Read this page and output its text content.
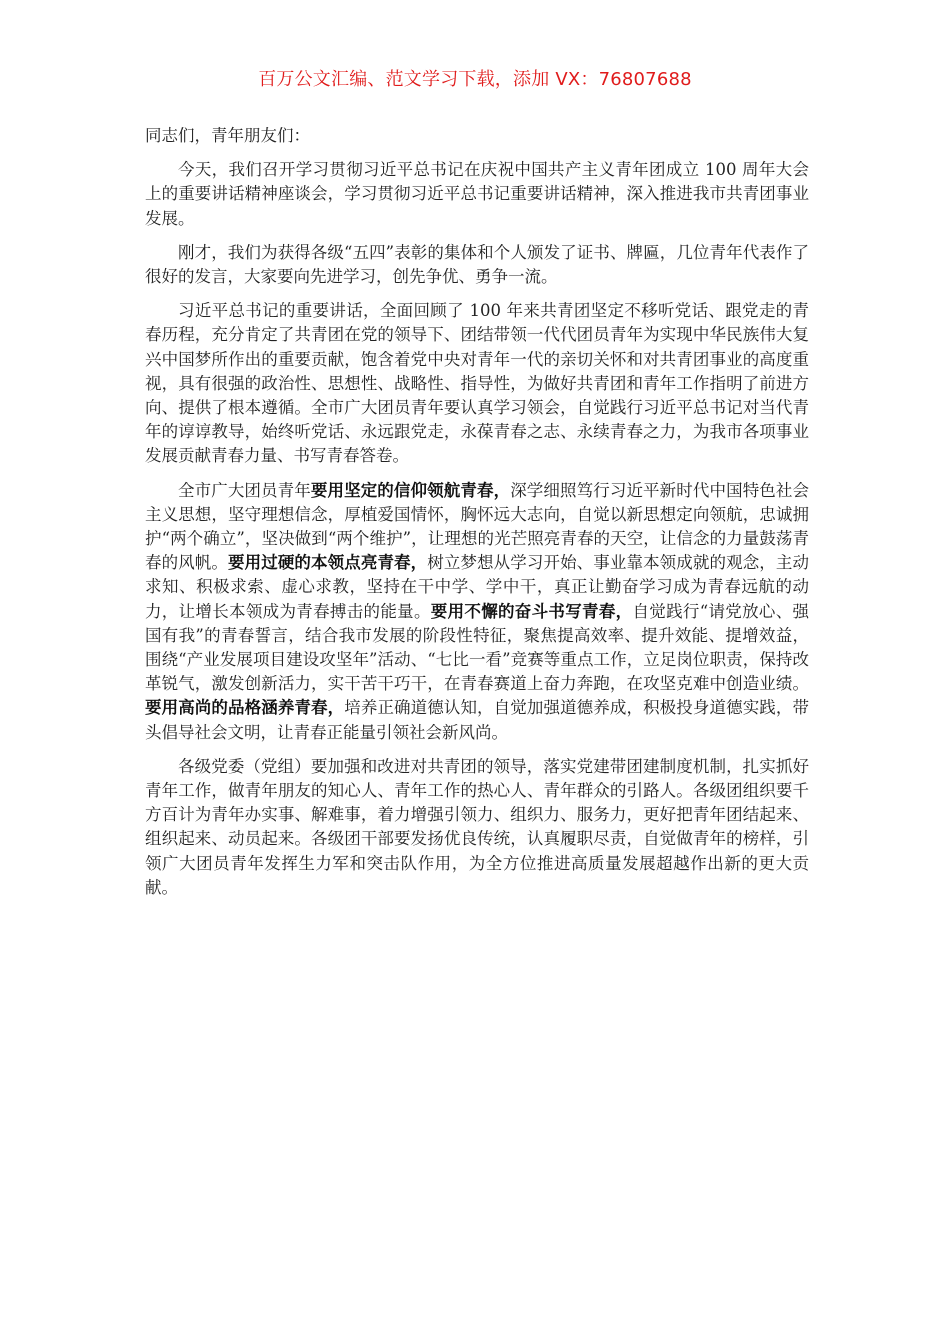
百万公文汇编、范文学习下载，添加 VX：76807688

同志们，青年朋友们：

今天，我们召开学习贯彻习近平总书记在庆祝中国共产主义青年团成立 100 周年大会上的重要讲话精神座谈会，学习贯彻习近平总书记重要讲话精神，深入推进我市共青团事业发展。

刚才，我们为获得各级“五四”表彰的集体和个人颁发了证书、牌匾，几位青年代表作了很好的发言，大家要向先进学习，创先争优、勇争一流。

习近平总书记的重要讲话，全面回顾了 100 年来共青团坚定不移听党话、跟党走的青春历程，充分肯定了共青团在党的领导下、团结带领一代代团员青年为实现中华民族伟大复兴中国梦所作出的重要贡献，饱含着党中央对青年一代的亲切关怀和对共青团事业的高度重视，具有很强的政治性、思想性、战略性、指导性，为做好共青团和青年工作指明了前进方向、提供了根本遵循。全市广大团员青年要认真学习领会，自觉践行习近平总书记对当代青年的谆谆教导，始终听党话、永远跟党走，永葆青春之志、永续青春之力，为我市各项事业发展贡献青春力量、书写青春答卷。

全市广大团员青年要用坚定的信仰领航青春，深学细照笃行习近平新时代中国特色社会主义思想，坚守理想信念，厚植爱国情怀，胸怀远大志向，自觉以新思想定向领航，忠诚拥护“两个确立”，坚决做到“两个维护”，让理想的光芒照亮青春的天空，让信念的力量鼓荡青春的风帆。要用过硬的本领点亮青春，树立梦想从学习开始、事业靠本领成就的观念，主动求知、积极求索、虚心求教，坚持在干中学、学中干，真正让勤奋学习成为青春远航的动力，让增长本领成为青春搏击的能量。要用不懈的奋斗书写青春，自觉践行“请党放心、强国有我”的青春誓言，结合我市发展的阶段性特征，聚焦提高效率、提升效能、提增效益，围绕“产业发展项目建设攻坚年”活动、“七比一看”竞赛等重点工作，立足岗位职责，保持改革锐气，激发创新活力，实干苦干巧干，在青春赛道上奋力奔跑，在攻坚克难中创造业绩。要用高尚的品格涵养青春，培养正确道德认知，自觉加强道德养成，积极投身道德实践，带头倡导社会文明，让青春正能量引领社会新风尚。

各级党委（党组）要加强和改进对共青团的领导，落实党建带团建制度机制，扎实抓好青年工作，做青年朋友的知心人、青年工作的热心人、青年群众的引路人。各级团组织要千方百计为青年办实事、解难事，着力增强引领力、组织力、服务力，更好把青年团结起来、组织起来、动员起来。各级团干部要发扬优良传统，认真履职尽责，自觉做青年的榜样，引领广大团员青年发挥生力军和突击队作用，为全方位推进高质量发展超越作出新的更大贡献。
